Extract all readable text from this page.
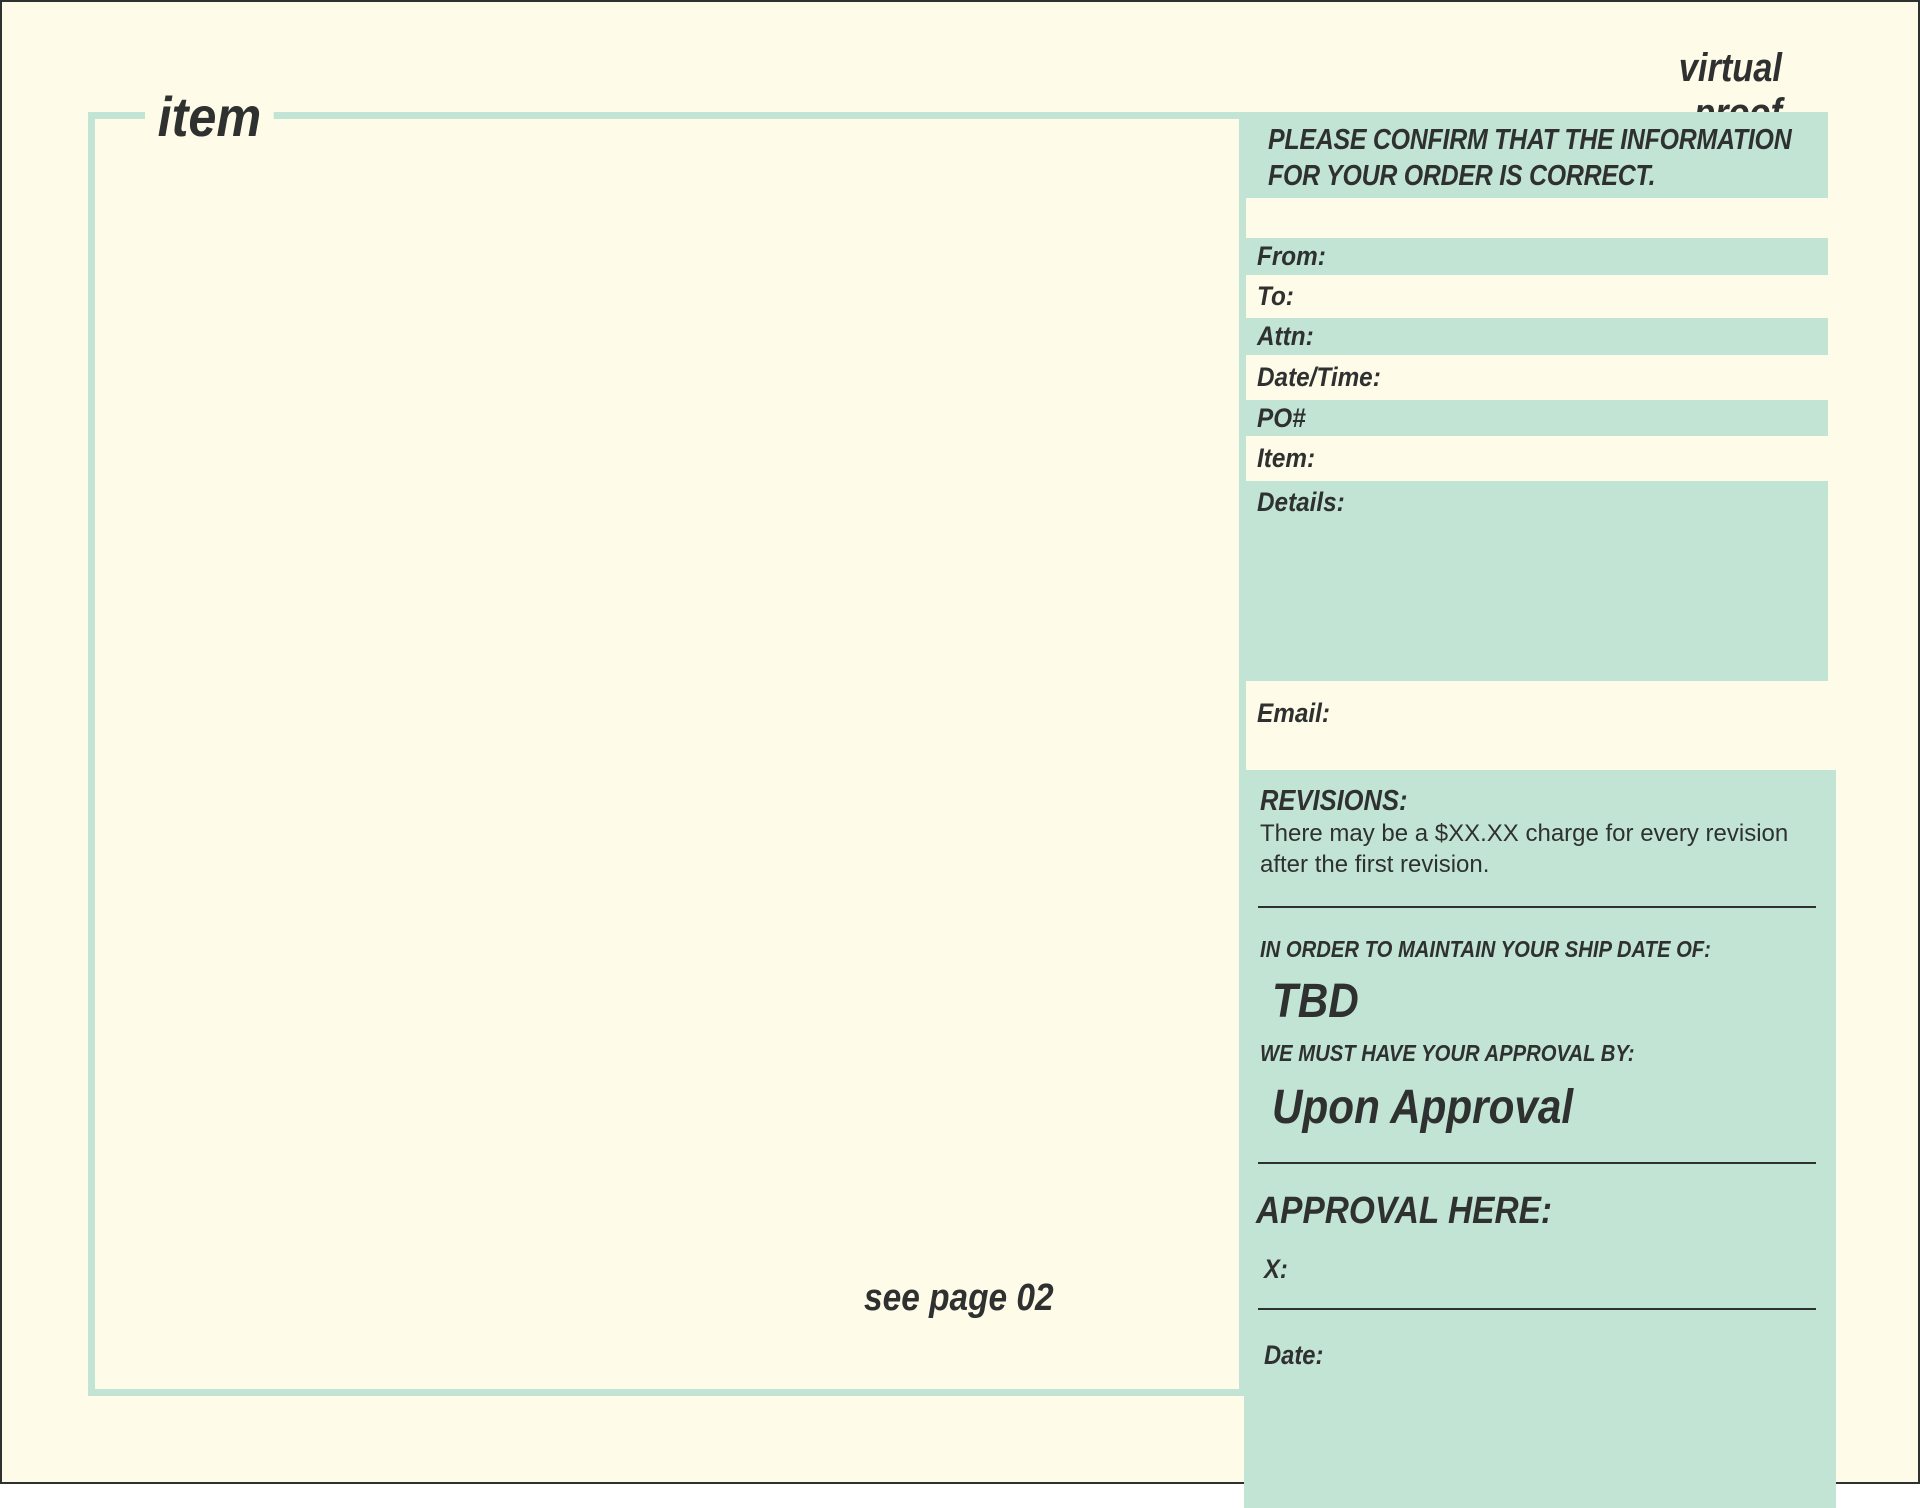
virtual
item
see page 02
PLEASE CONFIRM THAT THE INFORMATION FOR YOUR ORDER IS CORRECT.
From:
To:
Attn:
Date/Time:
PO#
Item:
Details:
Email:
REVISIONS:
There may be a $XX.XX charge for every revision after the first revision.
IN ORDER TO MAINTAIN YOUR SHIP DATE OF:
TBD
WE MUST HAVE YOUR APPROVAL BY:
Upon Approval
APPROVAL HERE:
X:
Date:
